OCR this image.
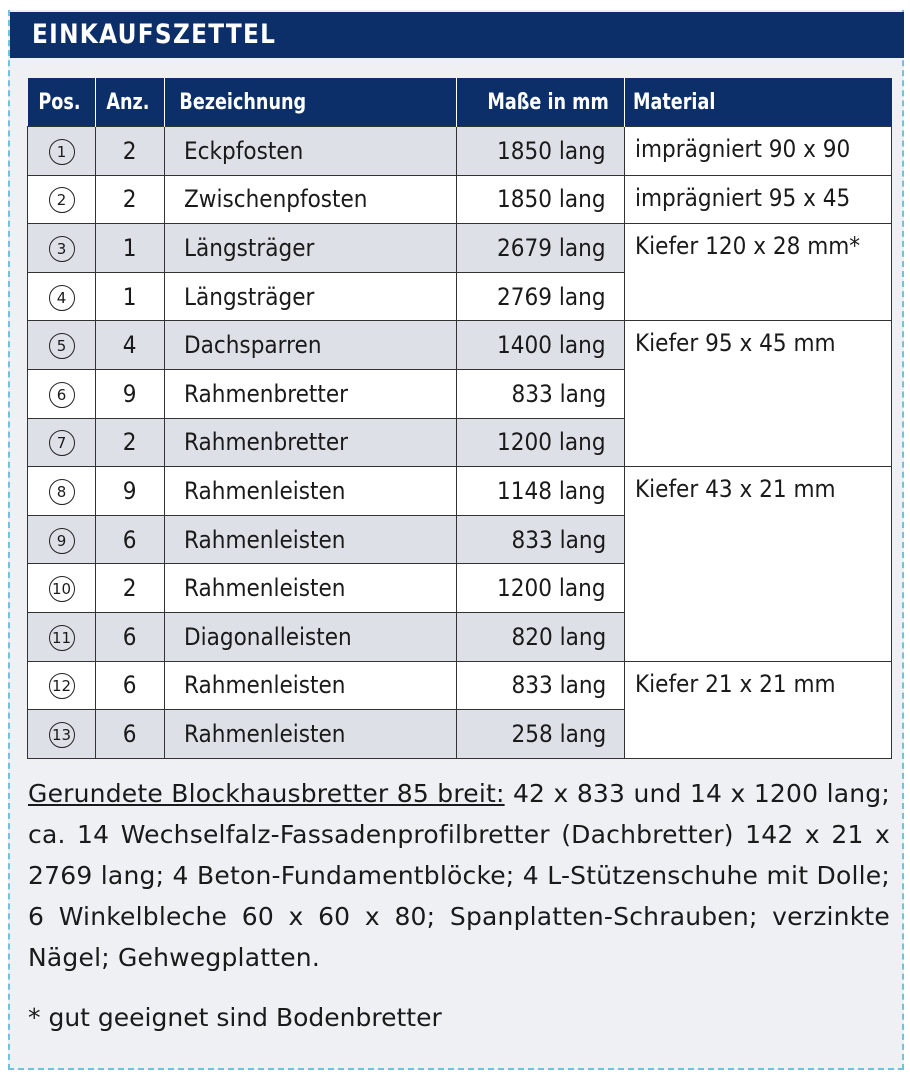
EINKAUFSZETTEL
Pos.	Anz.	Bezeichnung	Maße in mm	Material
1	2	Eckpfosten	1850 lang	imprägniert 90 x 90

2	2	Zwischenpfosten	1850 lang	imprägniert 95 x 45

3	1	Längsträger	2679 lang	Kiefer 120 x 28 mm*

4	1	Längsträger	2769 lang	
5	4	Dachsparren	1400 lang	Kiefer 95 x 45 mm

6	9	Rahmenbretter	833 lang	
7	2	Rahmenbretter	1200 lang	
8	9	Rahmenleisten	1148 lang	Kiefer 43 x 21 mm

9	6	Rahmenleisten	833 lang	
10	2	Rahmenleisten	1200 lang	
11	6	Diagonalleisten	820 lang	
12	6	Rahmenleisten	833 lang	Kiefer 21 x 21 mm

13	6	Rahmenleisten	258 lang	
Gerundete Blockhausbretter 85 breit: 42 x 833 und 14 x 1200 lang; ca. 14 Wechselfalz-Fassadenprofilbretter (Dachbretter) 142 x 21 x 2769 lang; 4 Beton-Fundamentblöcke; 4 L-Stützenschuhe mit Dolle; 6 Winkelbleche 60 x 60 x 80; Spanplatten-Schrauben; verzinkte Nägel; Gehwegplatten.
* gut geeignet sind Bodenbretter
